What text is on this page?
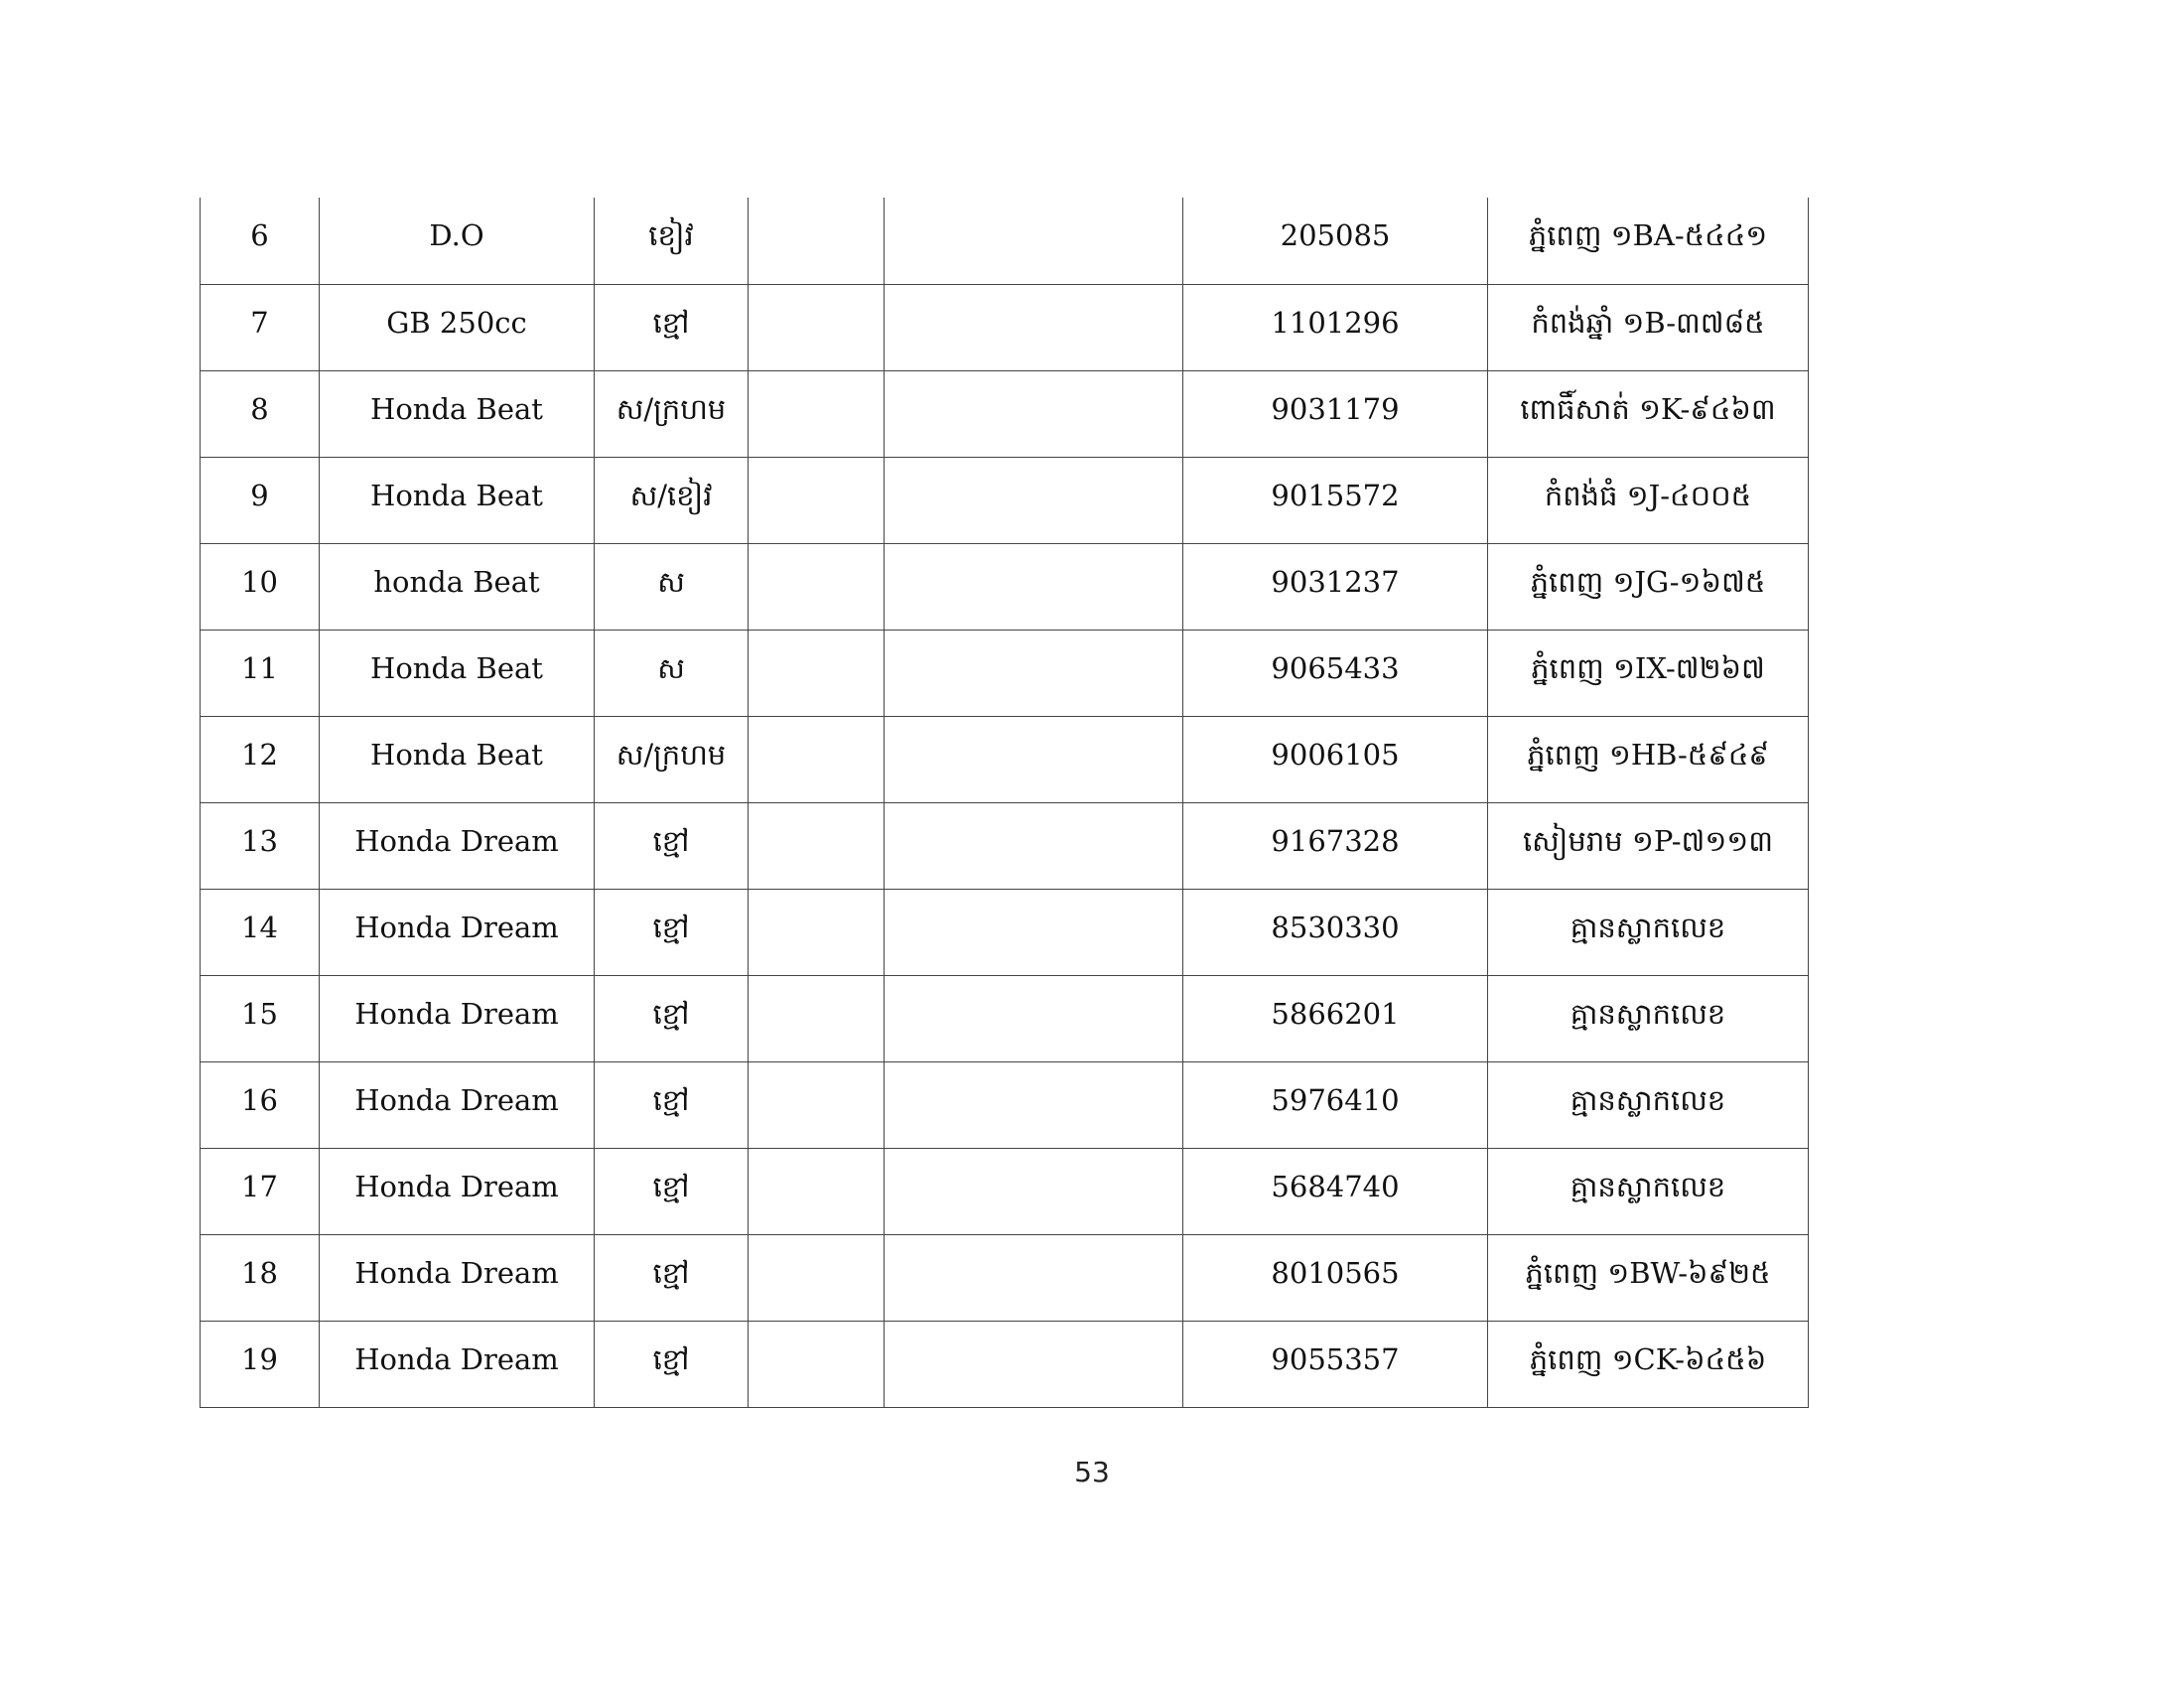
6	D.O	ខៀវ			205085	ភ្នំពេញ ១BA-៥៤៤១
7	GB 250cc	ខ្មៅ			1101296	កំពង់ឆ្នាំ ១B-៣៧៨៥
8	Honda Beat	ស/ក្រហម			9031179	ពោធិ៍សាត់ ១K-៩៤៦៣
9	Honda Beat	ស/ខៀវ			9015572	កំពង់ធំ ១J-៤០០៥
10	honda Beat	ស			9031237	ភ្នំពេញ ១JG-១៦៧៥
11	Honda Beat	ស			9065433	ភ្នំពេញ ១IX-៧២៦៧
12	Honda Beat	ស/ក្រហម			9006105	ភ្នំពេញ ១HB-៥៩៤៩
13	Honda Dream	ខ្មៅ			9167328	សៀមរាម ១P-៧១១៣
14	Honda Dream	ខ្មៅ			8530330	គ្មានស្លាកលេខ
15	Honda Dream	ខ្មៅ			5866201	គ្មានស្លាកលេខ
16	Honda Dream	ខ្មៅ			5976410	គ្មានស្លាកលេខ
17	Honda Dream	ខ្មៅ			5684740	គ្មានស្លាកលេខ
18	Honda Dream	ខ្មៅ			8010565	ភ្នំពេញ ១BW-៦៩២៥
19	Honda Dream	ខ្មៅ			9055357	ភ្នំពេញ ១CK-៦៤៥៦
53
